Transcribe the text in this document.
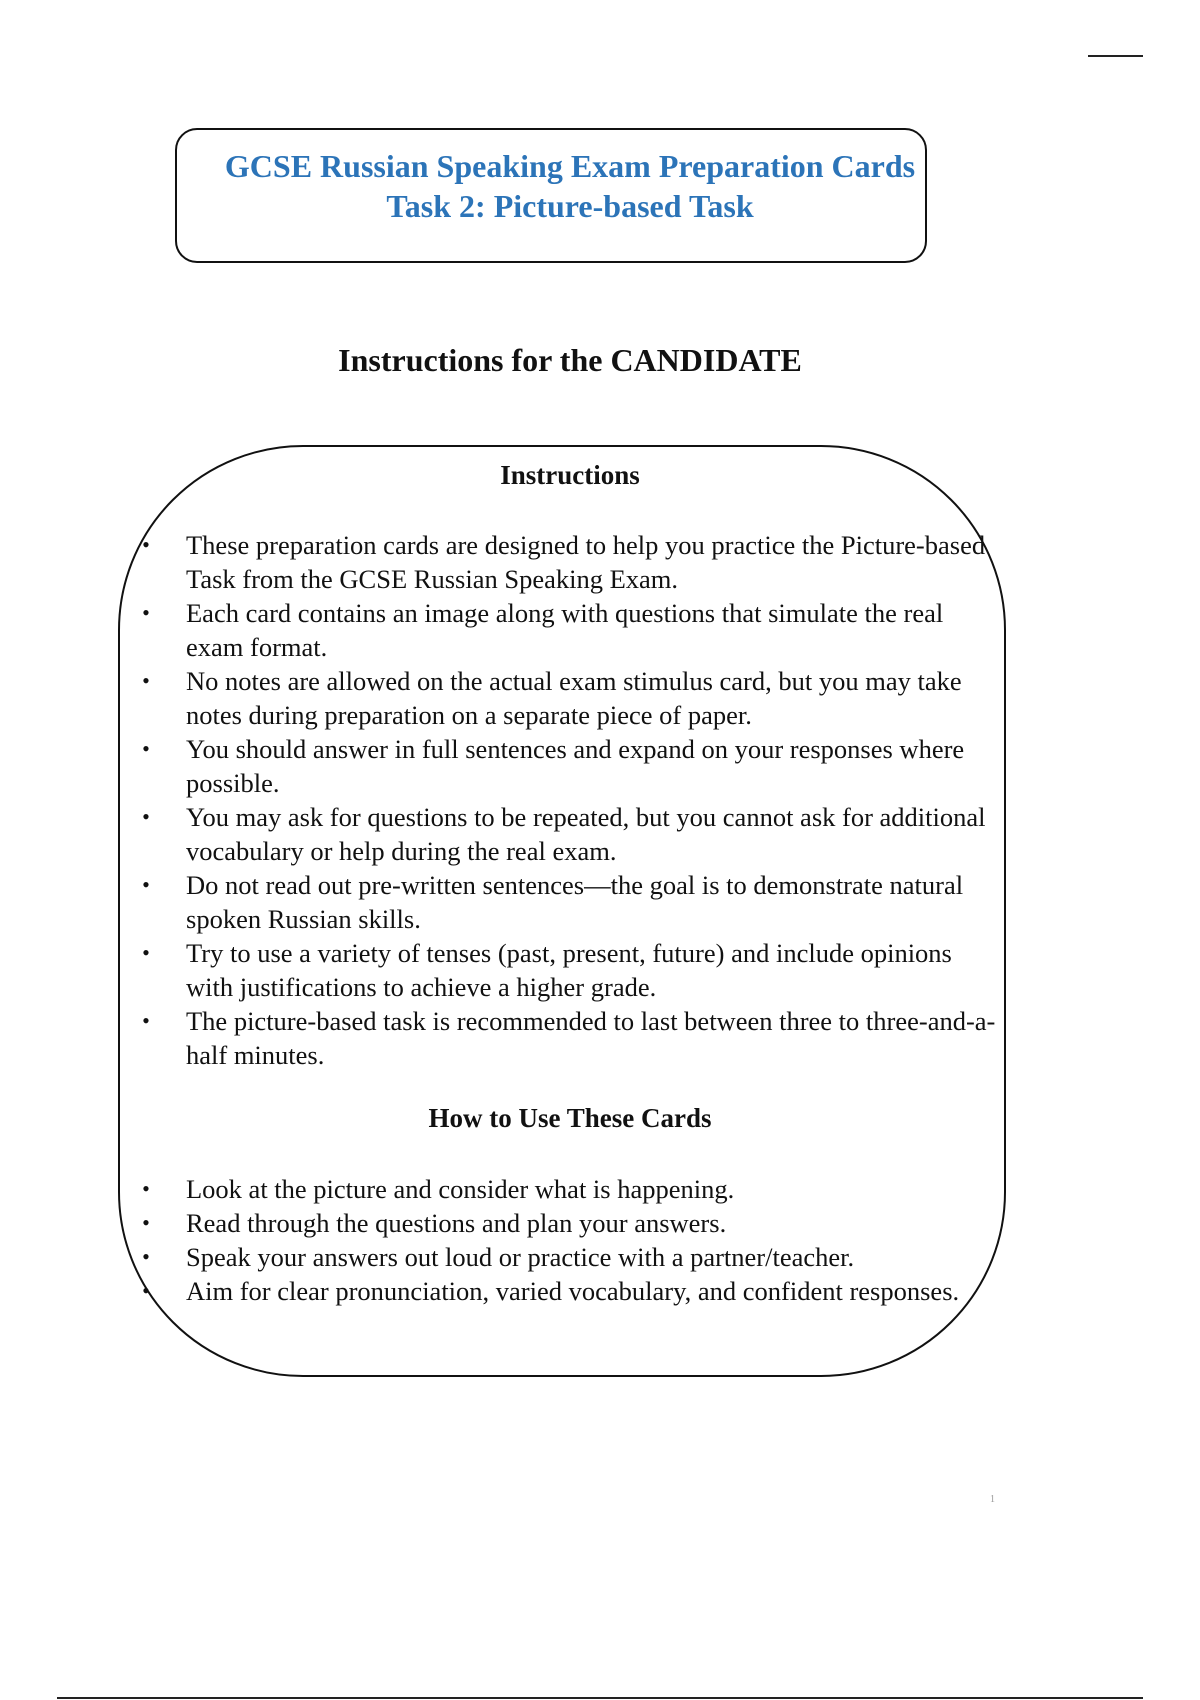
GCSE Russian Speaking Exam Preparation Cards
Task 2: Picture-based Task
Instructions for the CANDIDATE
Instructions
• These preparation cards are designed to help you practice the Picture-based Task from the GCSE Russian Speaking Exam.
• Each card contains an image along with questions that simulate the real exam format.
• No notes are allowed on the actual exam stimulus card, but you may take notes during preparation on a separate piece of paper.
• You should answer in full sentences and expand on your responses where possible.
• You may ask for questions to be repeated, but you cannot ask for additional vocabulary or help during the real exam.
• Do not read out pre-written sentences—the goal is to demonstrate natural spoken Russian skills.
• Try to use a variety of tenses (past, present, future) and include opinions with justifications to achieve a higher grade.
• The picture-based task is recommended to last between three to three-and-a-half minutes.
How to Use These Cards
• Look at the picture and consider what is happening.
• Read through the questions and plan your answers.
• Speak your answers out loud or practice with a partner/teacher.
• Aim for clear pronunciation, varied vocabulary, and confident responses.
1
